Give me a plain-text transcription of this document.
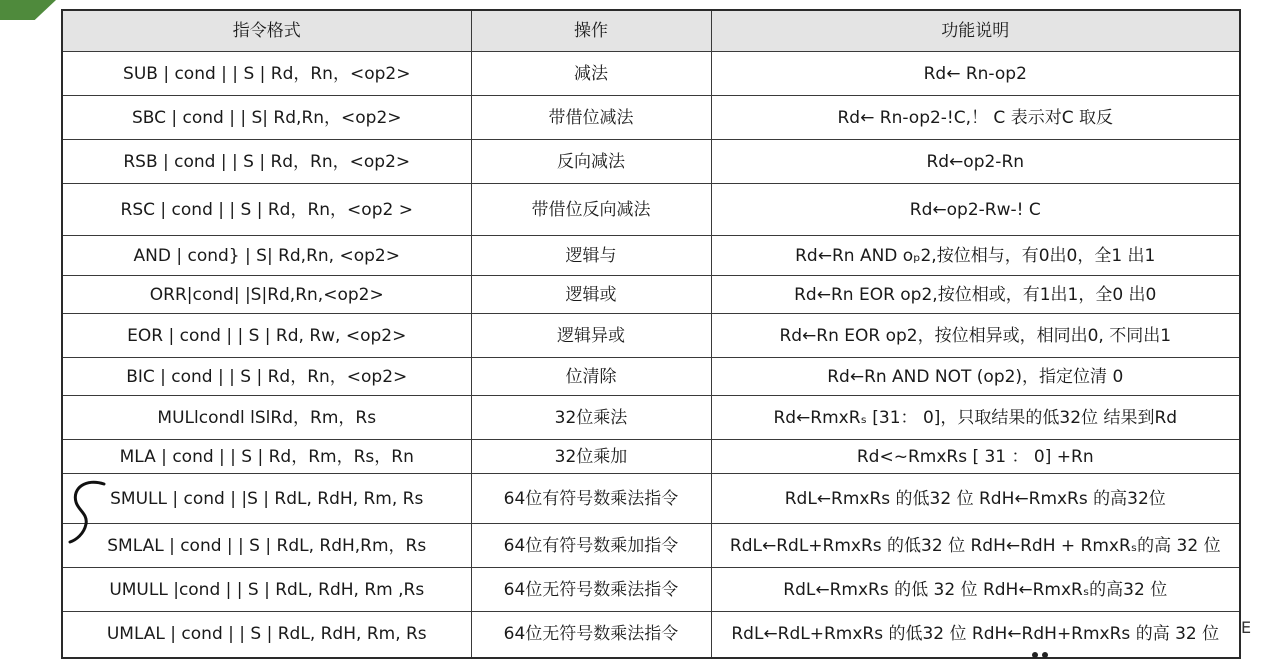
指令格式	操作	功能说明
SUB | cond | | S | Rd，Rn，<op2>	减法	Rd← Rn-op2
SBC | cond | | S| Rd,Rn，<op2>	带借位减法	Rd← Rn-op2-!C,！ C 表示对C 取反
RSB | cond | | S | Rd，Rn，<op2>	反向减法	Rd←op2-Rn
RSC | cond | | S | Rd，Rn，<op2 >	带借位反向减法	Rd←op2-Rw-! C
AND | cond} | S| Rd,Rn, <op2>	逻辑与	Rd←Rn AND oₚ2,按位相与，有0出0，全1 出1
ORR|cond| |S|Rd,Rn,<op2>	逻辑或	Rd←Rn EOR op2,按位相或，有1出1，全0 出0
EOR | cond | | S | Rd, Rw, <op2>	逻辑异或	Rd←Rn EOR op2，按位相异或，相同出0, 不同出1
BIC | cond | | S | Rd，Rn，<op2>	位清除	Rd←Rn AND NOT (op2)，指定位清 0
MULlcondl lSlRd，Rm，Rs	32位乘法	Rd←RmxRₛ [31： 0]，只取结果的低32位 结果到Rd
MLA | cond | | S | Rd，Rm，Rs，Rn	32位乘加	Rd<~RmxRs [ 31 ： 0] +Rn
SMULL | cond | |S | RdL, RdH, Rm, Rs	64位有符号数乘法指令	RdL←RmxRs 的低32 位 RdH←RmxRs 的高32位
SMLAL | cond | | S | RdL, RdH,Rm，Rs	64位有符号数乘加指令	RdL←RdL+RmxRs 的低32 位 RdH←RdH + RmxRₛ的高 32 位
UMULL |cond | | S | RdL, RdH, Rm ,Rs	64位无符号数乘法指令	RdL←RmxRs 的低 32 位 RdH←RmxRₛ的高32 位
UMLAL | cond | | S | RdL, RdH, Rm, Rs	64位无符号数乘法指令	RdL←RdL+RmxRs 的低32 位 RdH←RdH+RmxRs 的高 32 位 E
